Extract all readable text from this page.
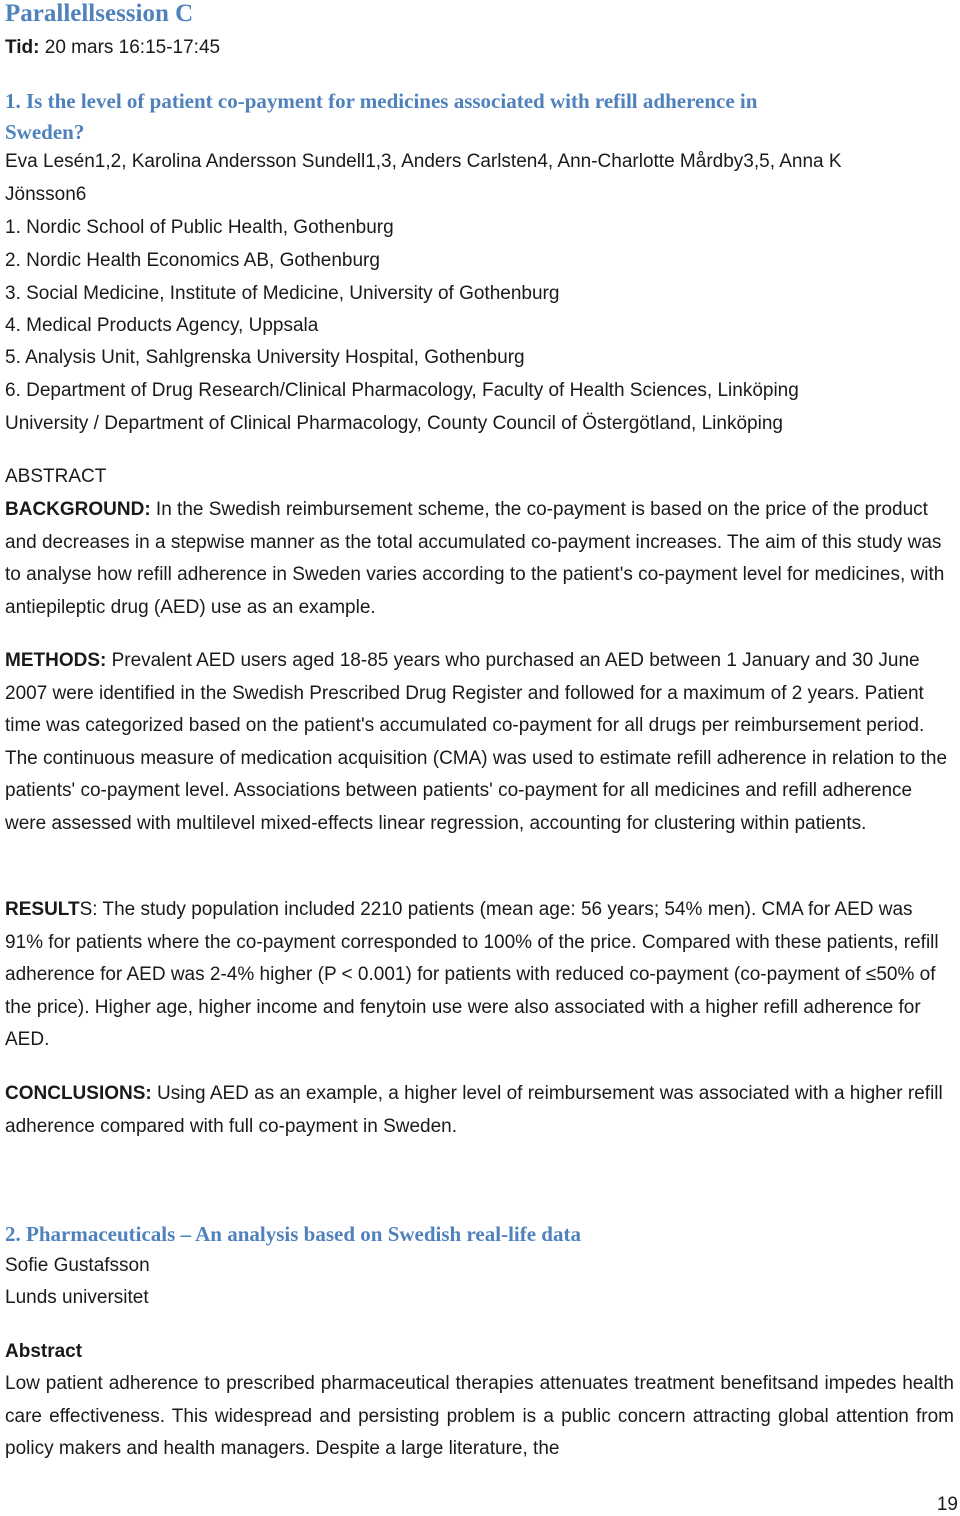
Parallellsession C
Tid: 20 mars 16:15-17:45
1. Is the level of patient co-payment for medicines associated with refill adherence in
Sweden?
Eva Lesén1,2, Karolina Andersson Sundell1,3, Anders Carlsten4, Ann-Charlotte Mårdby3,5, Anna K
Jönsson6
1. Nordic School of Public Health, Gothenburg
2. Nordic Health Economics AB, Gothenburg
3. Social Medicine, Institute of Medicine, University of Gothenburg
4. Medical Products Agency, Uppsala
5. Analysis Unit, Sahlgrenska University Hospital, Gothenburg
6. Department of Drug Research/Clinical Pharmacology, Faculty of Health Sciences, Linköping
University / Department of Clinical Pharmacology, County Council of Östergötland, Linköping
ABSTRACT

BACKGROUND: In the Swedish reimbursement scheme, the co-payment is based on the price of the product and decreases in a stepwise manner as the total accumulated co-payment increases. The aim of this study was to analyse how refill adherence in Sweden varies according to the patient's co-payment level for medicines, with antiepileptic drug (AED) use as an example.

METHODS: Prevalent AED users aged 18-85 years who purchased an AED between 1 January and 30 June 2007 were identified in the Swedish Prescribed Drug Register and followed for a maximum of 2 years. Patient time was categorized based on the patient's accumulated co-payment for all drugs per reimbursement period. The continuous measure of medication acquisition (CMA) was used to estimate refill adherence in relation to the patients' co-payment level. Associations between patients' co-payment for all medicines and refill adherence were assessed with multilevel mixed-effects linear regression, accounting for clustering within patients.

RESULTS: The study population included 2210 patients (mean age: 56 years; 54% men). CMA for AED was 91% for patients where the co-payment corresponded to 100% of the price. Compared with these patients, refill adherence for AED was 2-4% higher (P < 0.001) for patients with reduced co-payment (co-payment of ≤50% of the price). Higher age, higher income and fenytoin use were also associated with a higher refill adherence for AED.

CONCLUSIONS: Using AED as an example, a higher level of reimbursement was associated with a higher refill adherence compared with full co-payment in Sweden.

2. Pharmaceuticals – An analysis based on Swedish real-life data
Sofie Gustafsson
Lunds universitet
Abstract

Low patient adherence to prescribed pharmaceutical therapies attenuates treatment benefitsand impedes health care effectiveness. This widespread and persisting problem is a public concern attracting global attention from policy makers and health managers. Despite a large literature, the

19
